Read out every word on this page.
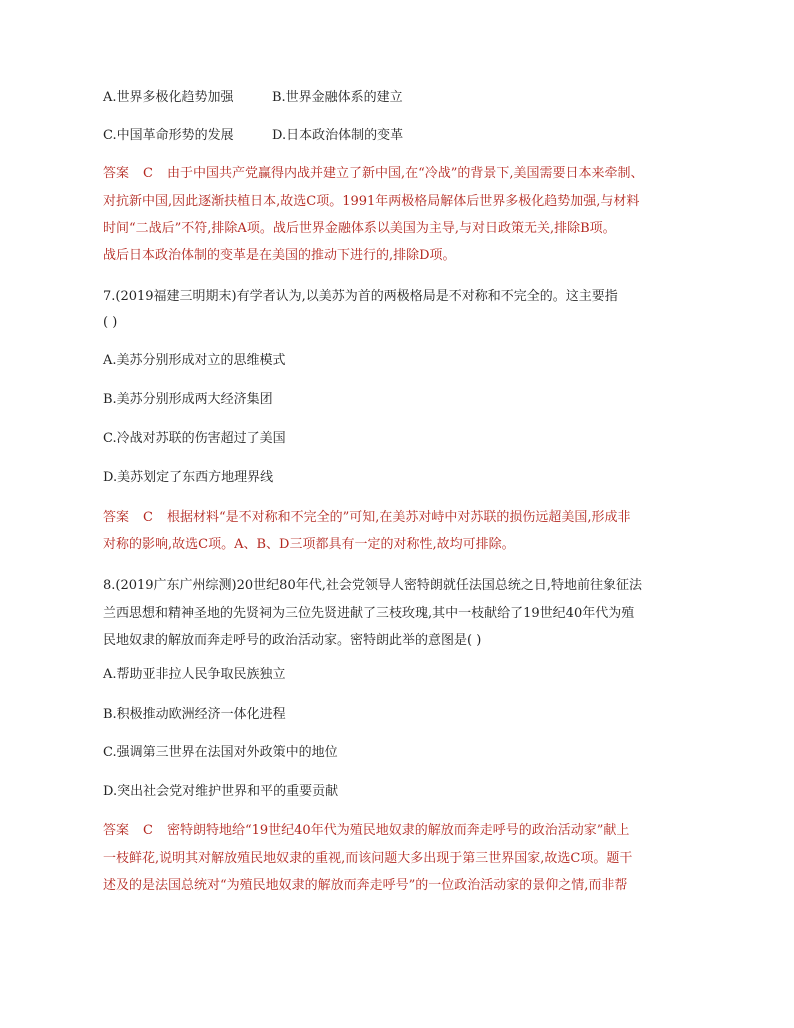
A.世界多极化趋势加强	B.世界金融体系的建立
C.中国革命形势的发展	D.日本政治体制的变革
答案 C 由于中国共产党赢得内战并建立了新中国,在“冷战”的背景下,美国需要日本来牵制、
对抗新中国,因此逐渐扶植日本,故选C项。1991年两极格局解体后世界多极化趋势加强,与材料
时间“二战后”不符,排除A项。战后世界金融体系以美国为主导,与对日政策无关,排除B项。
战后日本政治体制的变革是在美国的推动下进行的,排除D项。
7.(2019福建三明期末)有学者认为,以美苏为首的两极格局是不对称和不完全的。这主要指
( )
A.美苏分别形成对立的思维模式
B.美苏分别形成两大经济集团
C.冷战对苏联的伤害超过了美国
D.美苏划定了东西方地理界线
答案 C 根据材料“是不对称和不完全的”可知,在美苏对峙中对苏联的损伤远超美国,形成非
对称的影响,故选C项。A、B、D三项都具有一定的对称性,故均可排除。
8.(2019广东广州综测)20世纪80年代,社会党领导人密特朗就任法国总统之日,特地前往象征法
兰西思想和精神圣地的先贤祠为三位先贤进献了三枝玫瑰,其中一枝献给了19世纪40年代为殖
民地奴隶的解放而奔走呼号的政治活动家。密特朗此举的意图是( )
A.帮助亚非拉人民争取民族独立
B.积极推动欧洲经济一体化进程
C.强调第三世界在法国对外政策中的地位
D.突出社会党对维护世界和平的重要贡献
答案 C 密特朗特地给“19世纪40年代为殖民地奴隶的解放而奔走呼号的政治活动家”献上
一枝鲜花,说明其对解放殖民地奴隶的重视,而该问题大多出现于第三世界国家,故选C项。题干
述及的是法国总统对“为殖民地奴隶的解放而奔走呼号”的一位政治活动家的景仰之情,而非帮
